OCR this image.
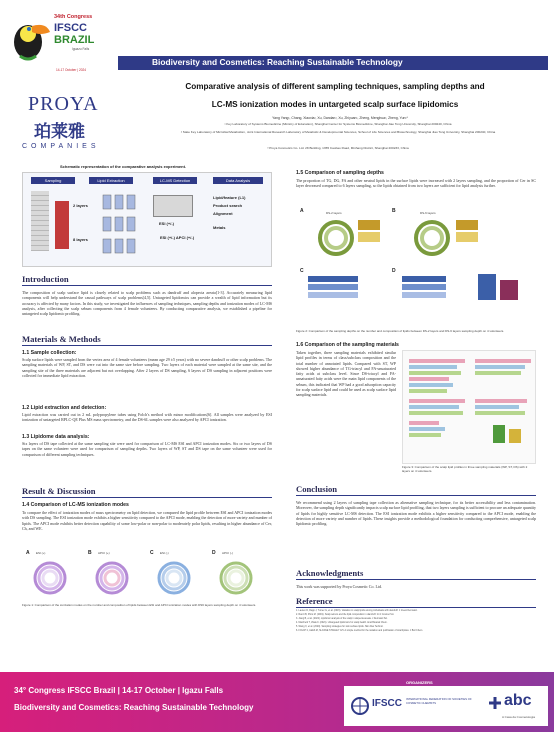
34th Congress
IFSCC
BRAZIL
Iguazu Falls
14-17 October | 2024
Biodiversity and Cosmetics: Reaching Sustainable Technology
PROYA
珀莱雅
COMPANIES
Comparative analysis of different sampling techniques, sampling depths and
LC-MS ionization modes in untargeted scalp surface lipidomics
Yang Yang¹, Chang, Xiaoxia², Xu, Dandan², Xu, Zhiyuan¹, Zheng, Menghua², Zheng, Yun¹*
¹ Key Laboratory of Systems Biomedicine (Ministry of Education), Shanghai Center for Systems Biomedicine, Shanghai Jiao Tong University, Shanghai 200240, China
² State Key Laboratory of Microbial Metabolism, Joint International Research Laboratory of Metabolic & Developmental Sciences, School of Life Sciences and Biotechnology, Shanghai Jiao Tong University, Shanghai 200240, China
³ Proya Cosmetics Co. Ltd. 28 Building, 1355 Caobao Road, Minhang District, Shanghai 200233, China
Schematic representation of the comparative analysis experiment.
Sampling	Lipid Extraction	LC-MS Detection	Data Analysis
2 layers
8 layers
ESI (+/-)
ESI (+/-) APCI (+/-)
Lipid/feature (L1)
Product search
Alignment
Metals
Introduction
The composition of scalp surface lipid is closely related to scalp problems such as dandruff and alopecia areata[1-3]. Accurately measuring lipid components will help understand the causal pathways of scalp problems[4,5]. Untargeted lipidomics can provide a wealth of lipid information but its accuracy is affected by many factors. In this study, we investigated the influences of sampling techniques, sampling depths and ionization modes of LC-MS analysis, after collecting the scalp sebum components from 4 female volunteers. By conducting comparative analysis, we established a pipeline for untargeted scalp lipidomic profiling.
Materials & Methods
1.1 Sample collection:
Scalp surface lipids were sampled from the vertex area of 4 female volunteers (mean age 29 ±5 years) with no severe dandruff or other scalp problems. The sampling materials of WP, ST, and DS were cut into the same size before sampling. Two layers of each material were sampled at the same site, and the sampling site of the three materials are adjacent but not overlapping. After 2 layers of DS sampling, 6 layers of DS sampling in adjacent positions were collected for immediate lipid extraction.
1.2 Lipid extraction and detection:
Lipid extraction was carried out in 2 mL polypropylene tubes using Folch's method with minor modifications[6]. All samples were analyzed by ESI ionization of untargeted RPLC-QE Plus MS mass spectrometry, and the DS-6L samples were also analyzed by APCI ionization.
1.3 Lipidome data analysis:
Six layers of DS tape collected at the same sampling site were used for comparison of LC-MS ESI and APCI ionization modes. Six or two layers of DS tapes on the same volunteer were used for comparison of sampling depths. Two layers of WP, ST and DS tape on the same volunteer were used for comparison of different sampling techniques.
Result & Discussion
1.4 Comparison of LC-MS ionization modes
To compare the effect of ionization modes of mass spectrometry on lipid detection, we compared the lipid profile between ESI and APCI ionization modes with DS sampling. The ESI ionization mode exhibits a higher sensitivity compared to the APCI mode, enabling the detection of more variety and number of lipids. The APCI mode exhibits better detection capability of some low-polar or non-polar to moderately polar lipids, resulting in higher abundance of Cer, Ch, and WE.
A	B	C	D
ESI (+)	APCI (+)	ESI (-)	APCI (-)
Figure 1: Comparison of the ionization modes on the number and composition of lipids between ESI and APCI ionization modes with DS6 layers sampling depth on 4 volunteers.
1.5 Comparison of sampling depths
The proportion of TG, DG, FA and other neutral lipids in the surface lipids were increased with 2 layers sampling, and the proportion of Cer in SC layer decreased compared to 6 layers sampling, so the lipids obtained from two layers are sufficient for lipid analysis further.
A	B
C	D
DS-2 layers	DS-6 layers
Figure 2: Comparison of the sampling depths on the number and composition of lipids between DS-2 layers and DS-6 layers sampling depth on 4 volunteers.
1.6 Comparison of the sampling materials
Taken together, three sampling materials exhibited similar lipid profiles in terms of class/subclass composition and the total number of annotated lipids. Compared with ST, WP showed higher abundance of TG-triacyl and FA-unsaturated fatty acids at subclass level. Since DS-triacyl and FA-unsaturated fatty acids were the main lipid components of the sebum, this indicated that WP had a good adsorption capacity for scalp surface lipid and could be used as scalp surface lipid sampling materials.
Figure 3: Comparison of the scalp lipid profiles in three sampling materials (WP, ST, DS) with 2 layers on 4 volunteers.
Conclusion
We recommend using 2 layers of sampling tape collection as alternative sampling technique, for its better accessibility and less contamination. Moreover, the sampling depth significantly impacts scalp surface lipid profiling, that two layers sampling is sufficient to procure an adequate quantity of lipids for highly sensitive LC-MS detection. The ESI ionization mode exhibits a higher sensitivity compared to the APCI mode, enabling the detection of more variety and number of lipids. These insights provide a methodological foundation for conducting comprehensive, untargeted scalp lipidomic profiling.
Acknowledgments
This work was supported by Proya Cosmetic Co. Ltd.
Reference
1. Lauren D, Rapp J, Turner G, et al. (2015). Variation in scalp lipids among individuals with dandruff. J Invest Dermatol.
2. Ranzi B, Pinto M. (2019). Scalp sebum and the lipid composition in dandruff. Int J Cosmet Sci.
3. Jiang B, et al. (2022). Lipidomic analysis of the scalp in alopecia areata. J Dermatol Sci.
4. Marchetti T, Vitale F. (2021). Untargeted lipidomics for scalp health. Anal Bioanal Chem.
5. Wang X, et al. (2020). Sampling strategies for skin surface lipids. Skin Res Technol.
6. FOLCH J, LEES M, SLOANE STANLEY GH. A simple method for the isolation and purification of total lipides. J Biol Chem.
34° Congress IFSCC Brazil | 14-17 October | Igazu Falls
Biodiversity and Cosmetics: Reaching Sustainable Technology
ORGANIZERS
IFSCC INTERNATIONAL FEDERATION OF SOCIETIES OF COSMETIC CHEMISTS	abc
A Casa da Cosmetologia
